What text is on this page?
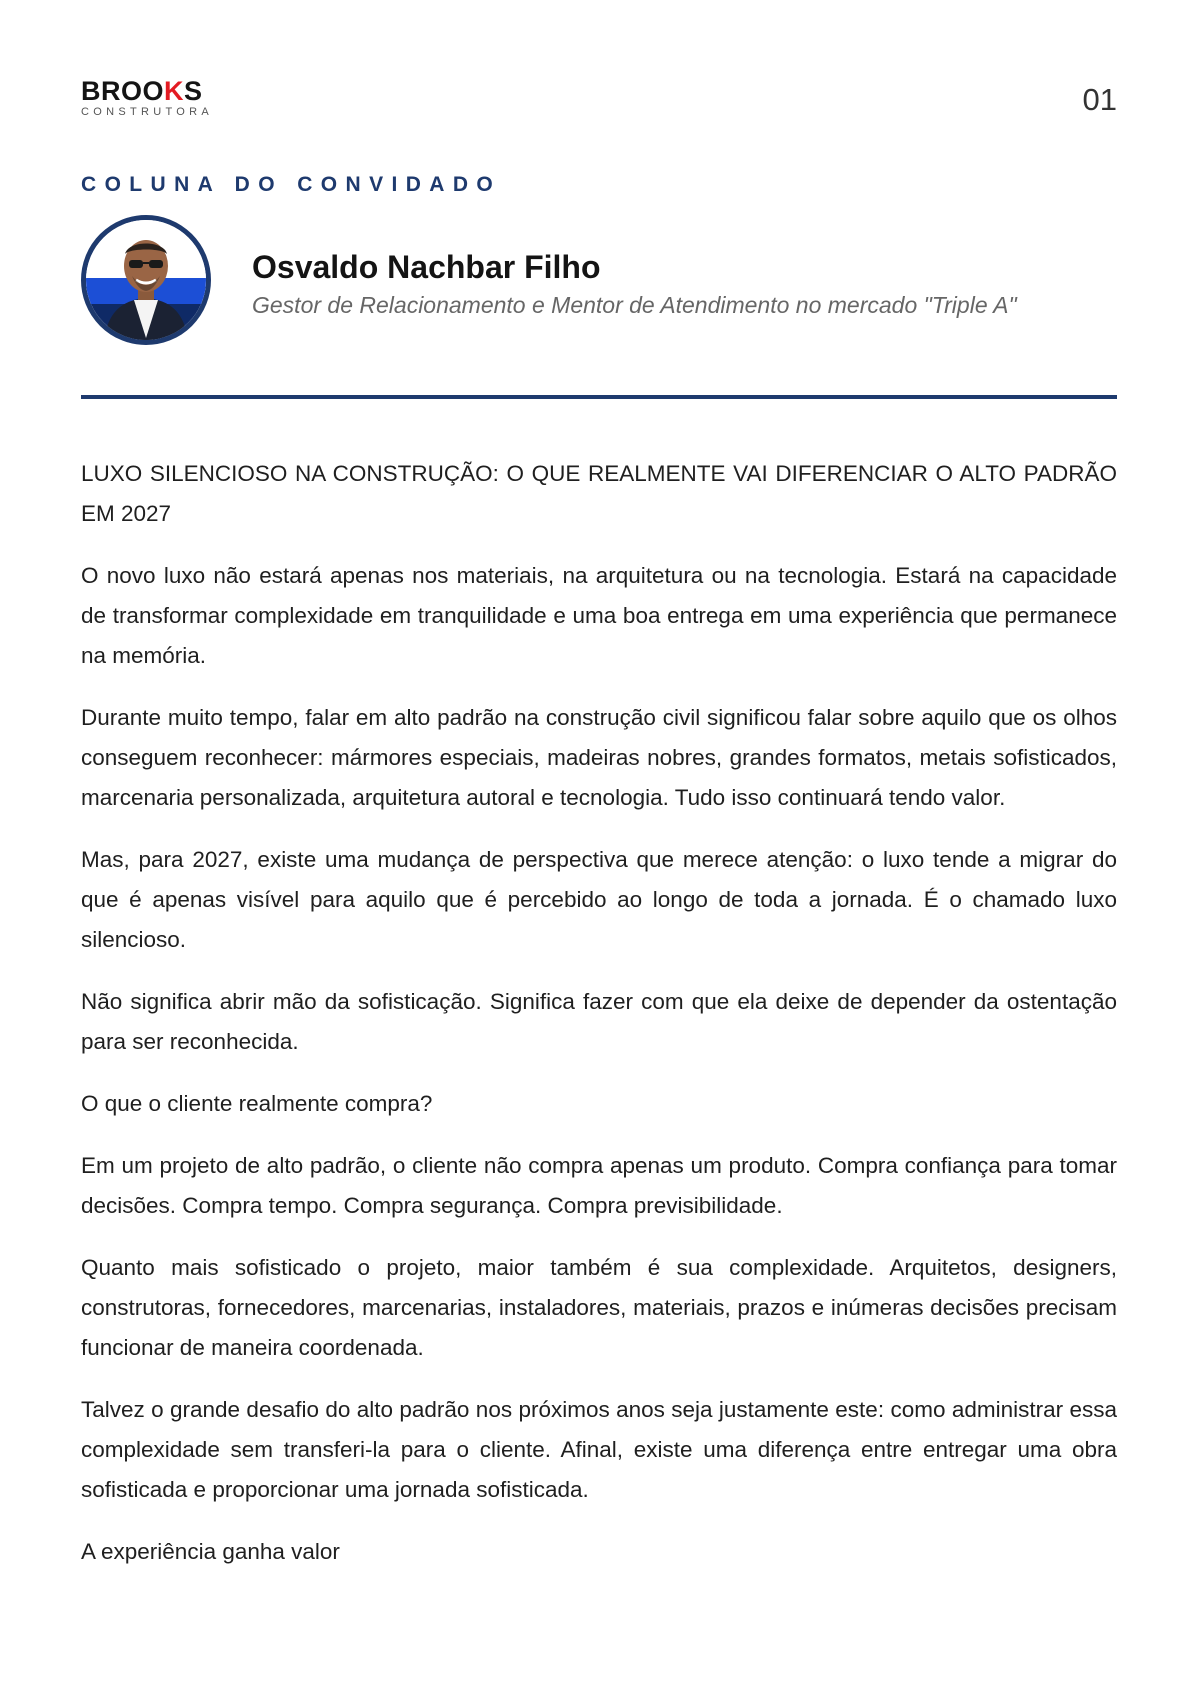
BROOKS
CONSTRUTORA	01
COLUNA DO CONVIDADO
Osvaldo Nachbar Filho
Gestor de Relacionamento e Mentor de Atendimento no mercado "Triple A"

LUXO SILENCIOSO NA CONSTRUÇÃO: O QUE REALMENTE VAI DIFERENCIAR O ALTO PADRÃO EM 2027

O novo luxo não estará apenas nos materiais, na arquitetura ou na tecnologia. Estará na capacidade de transformar complexidade em tranquilidade e uma boa entrega em uma experiência que permanece na memória.

Durante muito tempo, falar em alto padrão na construção civil significou falar sobre aquilo que os olhos conseguem reconhecer: mármores especiais, madeiras nobres, grandes formatos, metais sofisticados, marcenaria personalizada, arquitetura autoral e tecnologia. Tudo isso continuará tendo valor.

Mas, para 2027, existe uma mudança de perspectiva que merece atenção: o luxo tende a migrar do que é apenas visível para aquilo que é percebido ao longo de toda a jornada. É o chamado luxo silencioso.

Não significa abrir mão da sofisticação. Significa fazer com que ela deixe de depender da ostentação para ser reconhecida.

O que o cliente realmente compra?

Em um projeto de alto padrão, o cliente não compra apenas um produto. Compra confiança para tomar decisões. Compra tempo. Compra segurança. Compra previsibilidade.

Quanto mais sofisticado o projeto, maior também é sua complexidade. Arquitetos, designers, construtoras, fornecedores, marcenarias, instaladores, materiais, prazos e inúmeras decisões precisam funcionar de maneira coordenada.

Talvez o grande desafio do alto padrão nos próximos anos seja justamente este: como administrar essa complexidade sem transferi-la para o cliente. Afinal, existe uma diferença entre entregar uma obra sofisticada e proporcionar uma jornada sofisticada.

A experiência ganha valor
